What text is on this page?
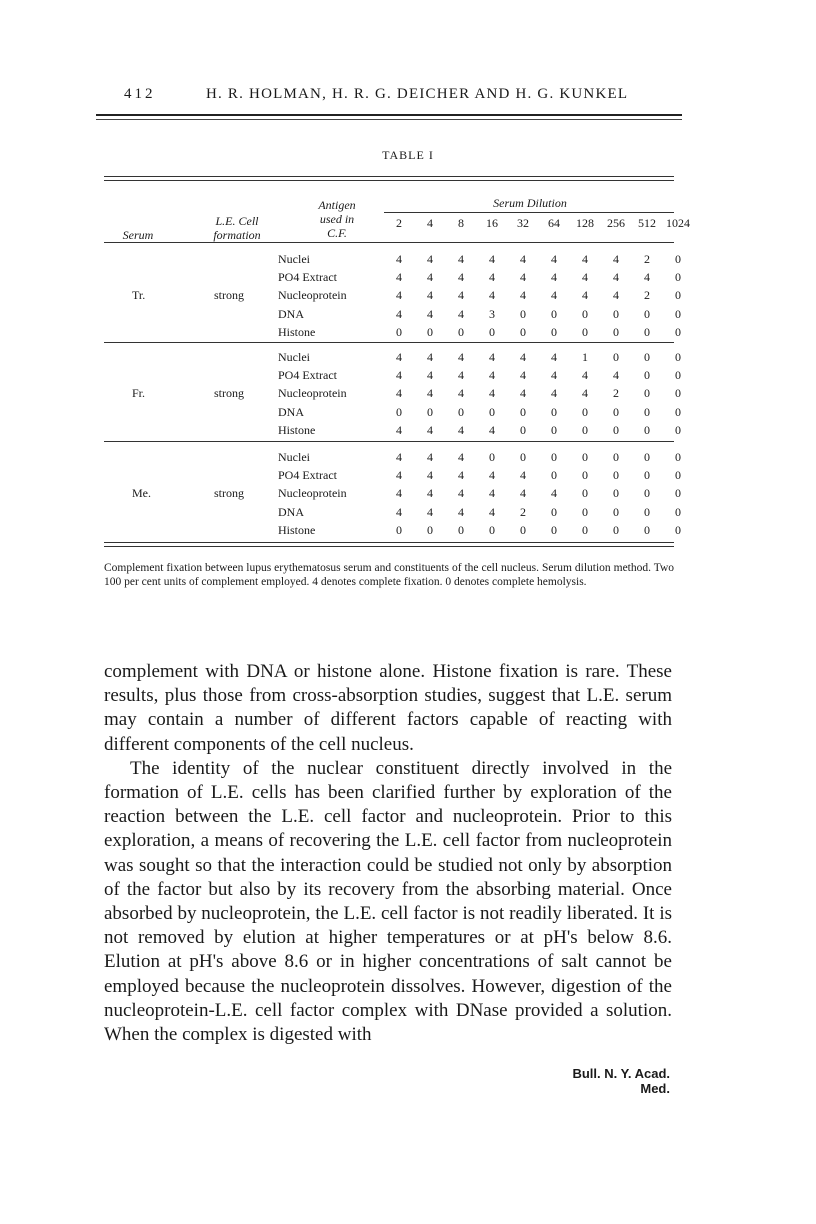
412	H. R. HOLMAN, H. R. G. DEICHER AND H. G. KUNKEL
TABLE I
Serum
L.E. Cell
formation
Antigen
used in
C.F.
Serum Dilution
2	4	8	16	32	64	128	256	512 1024
Tr.	strong
Nuclei	4	4	4	4	4	4	4	4	2	0
PO4 Extract	4	4	4	4	4	4	4	4	4	0
Nucleoprotein	4	4	4	4	4	4	4	4	2	0
DNA	4	4	4	3	0	0	0	0	0	0
Histone	0	0	0	0	0	0	0	0	0	0
Fr.	strong
Nuclei	4	4	4	4	4	4	1	0	0	0
PO4 Extract	4	4	4	4	4	4	4	4	0	0
Nucleoprotein	4	4	4	4	4	4	4	2	0	0
DNA	0	0	0	0	0	0	0	0	0	0
Histone	4	4	4	4	0	0	0	0	0	0
Me.	strong
Nuclei	4	4	4	0	0	0	0	0	0	0
PO4 Extract	4	4	4	4	4	0	0	0	0	0
Nucleoprotein	4	4	4	4	4	4	0	0	0	0
DNA	4	4	4	4	2	0	0	0	0	0
Histone	0	0	0	0	0	0	0	0	0	0
Complement fixation between lupus erythematosus serum and constituents of the cell nucleus. Serum dilution method. Two 100 per cent units of complement employed. 4 denotes complete fixation. 0 denotes complete hemolysis.

complement with DNA or histone alone. Histone fixation is rare. These results, plus those from cross-absorption studies, suggest that L.E. serum may contain a number of different factors capable of reacting with different components of the cell nucleus.

The identity of the nuclear constituent directly involved in the formation of L.E. cells has been clarified further by exploration of the reaction between the L.E. cell factor and nucleoprotein. Prior to this exploration, a means of recovering the L.E. cell factor from nucleoprotein was sought so that the interaction could be studied not only by absorption of the factor but also by its recovery from the absorbing material. Once absorbed by nucleoprotein, the L.E. cell factor is not readily liberated. It is not removed by elution at higher temperatures or at pH's below 8.6. Elution at pH's above 8.6 or in higher concentrations of salt cannot be employed because the nucleoprotein dissolves. However, digestion of the nucleoprotein-L.E. cell factor complex with DNase provided a solution. When the complex is digested with

Bull. N. Y. Acad. Med.
